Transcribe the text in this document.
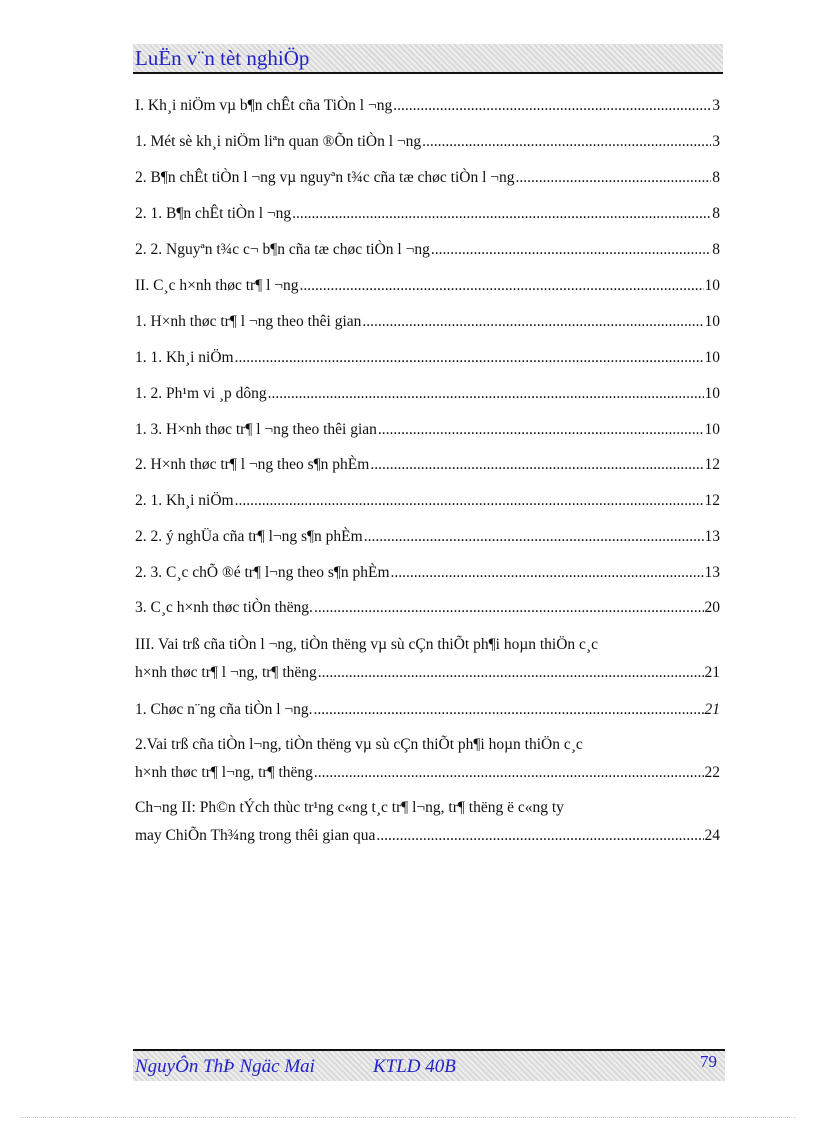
LuËn v¨n tèt nghiÖp
I. Kh¸i niÖm vµ b¶n chÊt cña TiÒn l ¬ng .....	3
1. Mét sè kh¸i niÖm liªn quan ®Õn tiÒn l ¬ng .....	3
2. B¶n chÊt tiÒn l ¬ng vµ nguyªn t¾c cña tæ chøc tiÒn l ¬ng .....	8
2. 1. B¶n chÊt tiÒn l ¬ng .....	8
2. 2. Nguyªn t¾c c¬ b¶n cña tæ chøc tiÒn l ¬ng .....	8
II. C¸c h×nh thøc tr¶ l ¬ng .....	10
1. H×nh thøc tr¶ l ¬ng theo thêi gian .....	10
1. 1. Kh¸i niÖm .....	10
1. 2. Ph¹m vi ¸p dông .....	10
1. 3. H×nh thøc tr¶ l ¬ng theo thêi gian .....	10
2. H×nh thøc tr¶ l ¬ng theo s¶n phÈm .....	12
2. 1. Kh¸i niÖm .....	12
2. 2. ý nghÜa cña tr¶ l¬ng s¶n phÈm .....	13
2. 3. C¸c chÕ ®é tr¶ l¬ng theo s¶n phÈm .....	13
3. C¸c h×nh thøc tiÒn thëng. .....	20
III. Vai trß cña tiÒn l ¬ng, tiÒn thëng vµ sù cÇn thiÕt ph¶i hoµn thiÖn c¸c
h×nh thøc tr¶ l ¬ng, tr¶ thëng .....	21
1. Chøc n¨ng cña tiÒn l ¬ng. .....	21
2.Vai trß cña tiÒn l¬ng, tiÒn thëng vµ sù cÇn thiÕt ph¶i hoµn thiÖn c¸c
h×nh thøc tr¶ l¬ng, tr¶ thëng .....	22
Ch¬ng II: Ph©n tÝch thùc tr¹ng c«ng t¸c tr¶ l¬ng, tr¶ thëng ë c«ng ty
may ChiÕn Th¾ng trong thêi gian qua .....	24
NguyÔn ThÞ Ngäc Mai	KTLD 40B	79
